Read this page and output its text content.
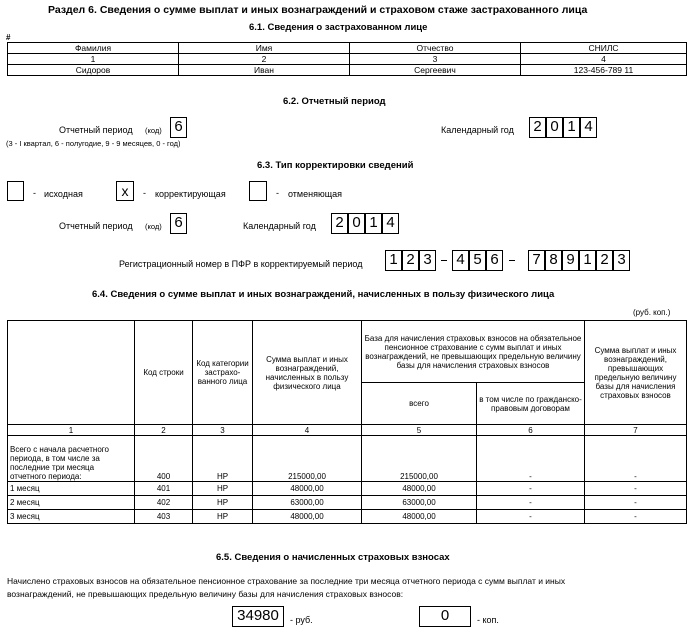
Раздел 6. Сведения о сумме выплат и иных вознаграждений и страховом стаже застрахованного лица
6.1. Сведения о застрахованном лице
#
Фамилия	Имя	Отчество	СНИЛС
1	2	3	4
Сидоров	Иван	Сергеевич	123-456-789 11
6.2. Отчетный период
Отчетный период (код) 6
(3 - I квартал, 6 - полугодие, 9 - 9 месяцев, 0 - год)
Календарный год 2 0 1 4
6.3. Тип корректировки сведений
- исходная	x	- корректирующая	- отменяющая
Отчетный период (код) 6	Календарный год 2 0 1 4
Регистрационный номер в ПФР в корректируемый период 1 2 3 4 5 6 7 8 9 1 2 3
6.4. Сведения о сумме выплат и иных вознаграждений, начисленных в пользу физического лица
(руб. коп.)
	Код строки	Код категории застрахо-ванного лица	Сумма выплат и иных вознаграждений, начисленных в пользу физического лица	База для начисления страховых взносов на обязательное пенсионное страхование с сумм выплат и иных вознаграждений, не превышающих предельную величину базы для начисления страховых взносов		Сумма выплат и иных вознаграждений, превышающих предельную величину базы для начисления страховых взносов
				всего	в том числе по гражданско-правовым договорам	
1	2	3	4	5	6	7
Всего с начала расчетного периода, в том числе за последние три месяца отчетного периода:	400	НР	215000,00	215000,00	-	-
1 месяц	401	НР	48000,00	48000,00	-	-
2 месяц	402	НР	63000,00	63000,00	-	-
3 месяц	403	НР	48000,00	48000,00	-	-
6.5. Сведения о начисленных страховых взносах
Начислено страховых взносов на обязательное пенсионное страхование за последние три месяца отчетного периода с сумм выплат и иных
вознаграждений, не превышающих предельную величину базы для начисления страховых взносов:
34980	- руб.	0	- коп.
